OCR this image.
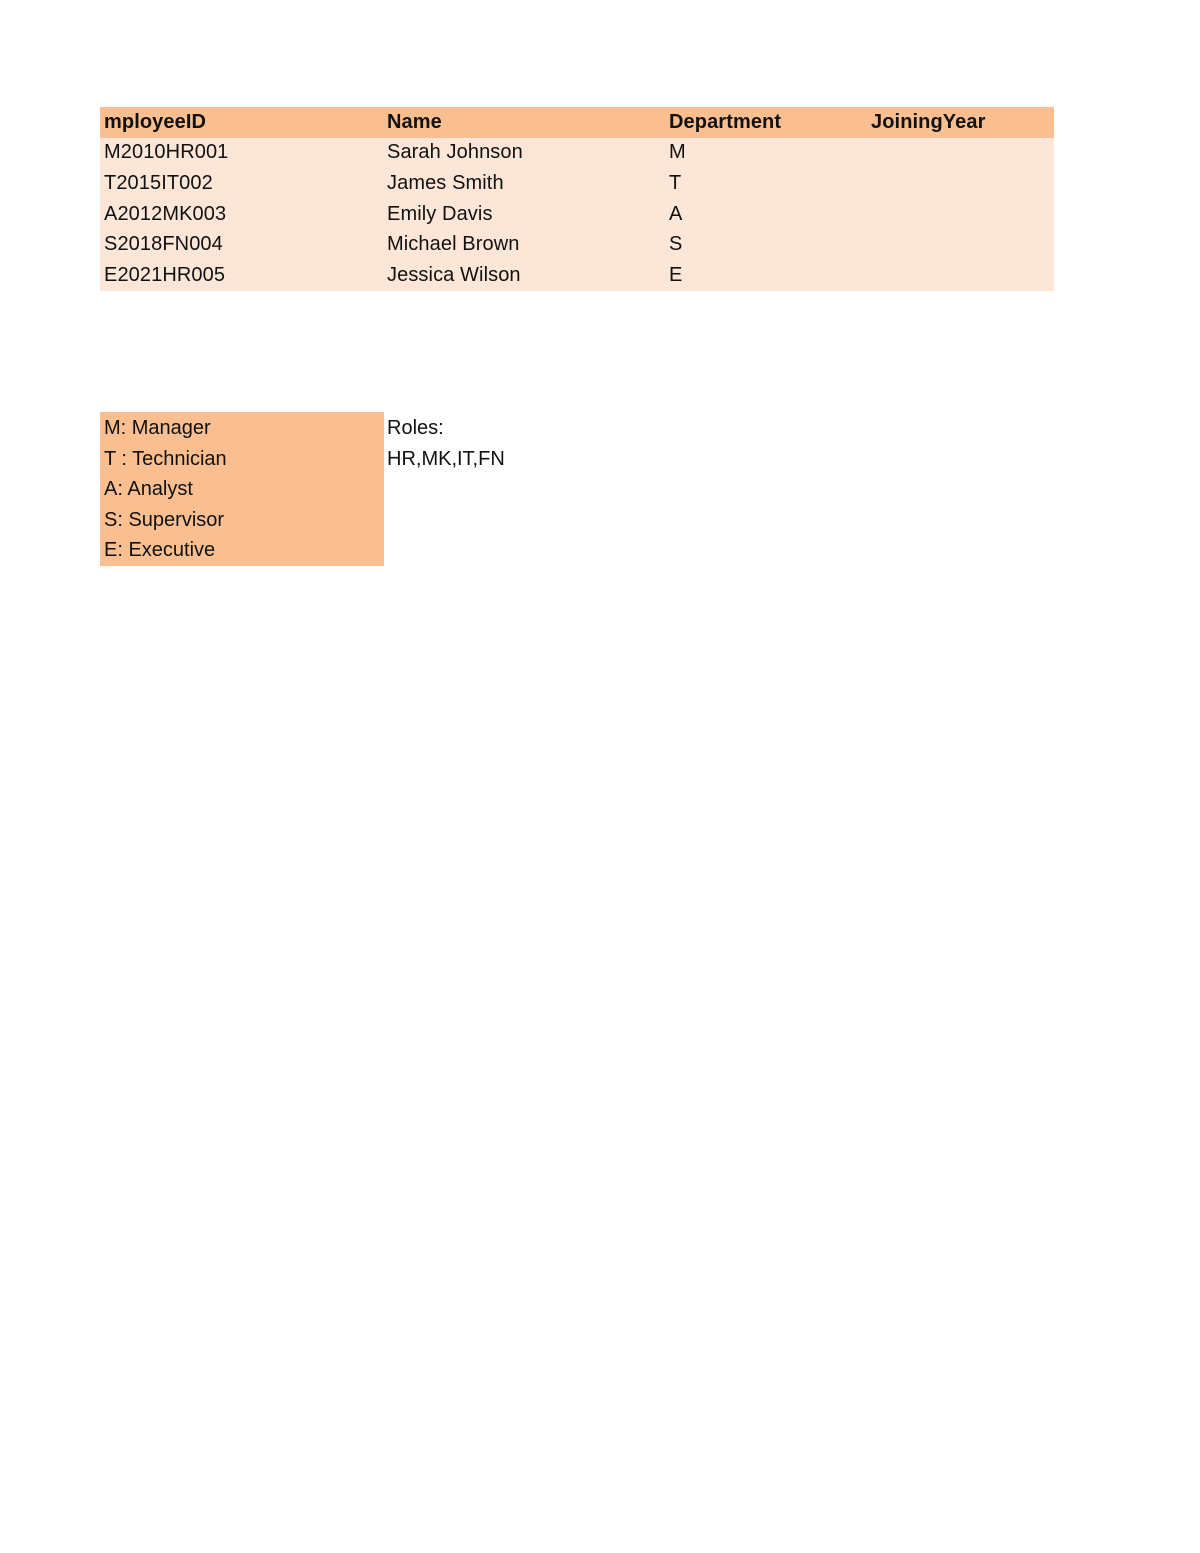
mployeeID	Name	Department	JoiningYear
M2010HR001	Sarah Johnson	M
T2015IT002	James Smith	T
A2012MK003	Emily Davis	A
S2018FN004	Michael Brown	S
E2021HR005	Jessica Wilson	E
M: Manager
T : Technician
A: Analyst
S: Supervisor
E: Executive
Roles:
HR,MK,IT,FN
